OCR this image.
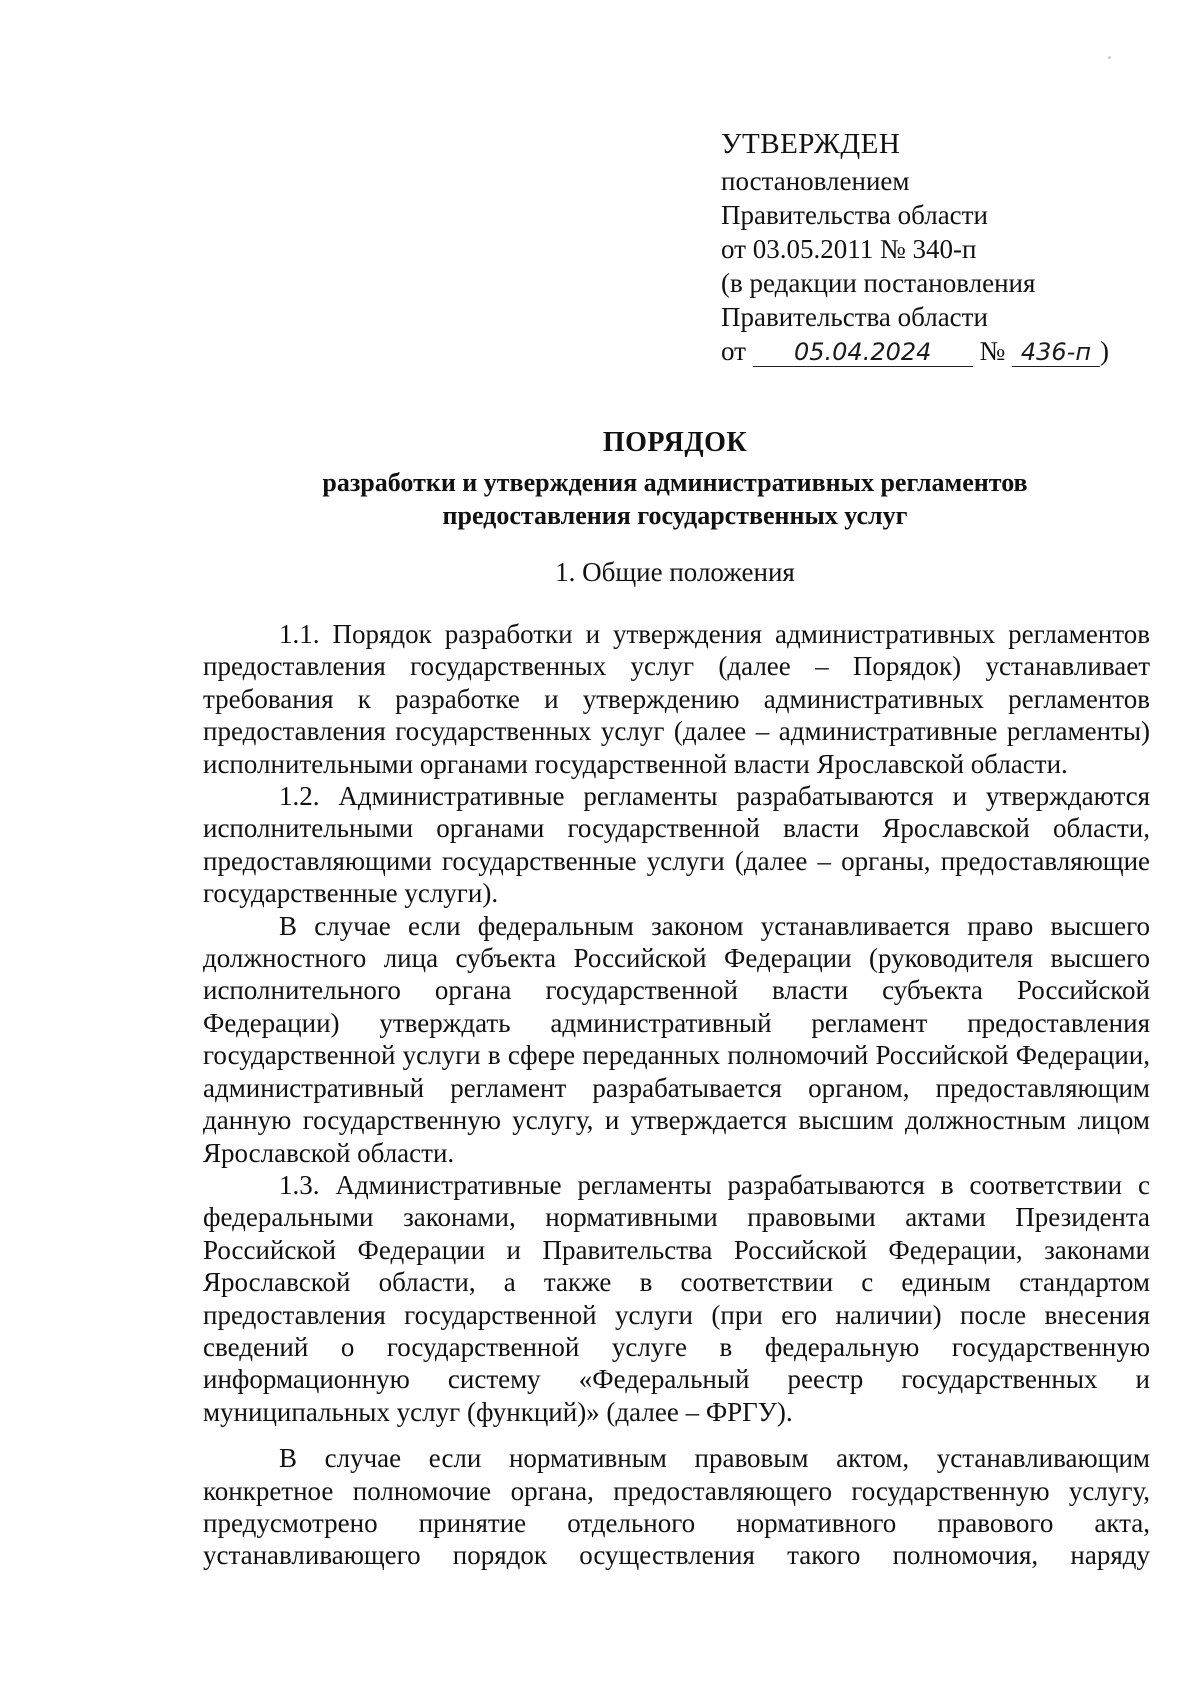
УТВЕРЖДЕН
постановлением
Правительства области
от 03.05.2011 № 340-п
(в редакции постановления
Правительства области
от 05.04.2024 № 436-п )
ПОРЯДОК
разработки и утверждения административных регламентов
предоставления государственных услуг
1. Общие положения

1.1. Порядок разработки и утверждения административных регламентов предоставления государственных услуг (далее – Порядок) устанавливает требования к разработке и утверждению административных регламентов предоставления государственных услуг (далее – административные регламенты) исполнительными органами государственной власти Ярославской области.

1.2. Административные регламенты разрабатываются и утверждаются исполнительными органами государственной власти Ярославской области, предоставляющими государственные услуги (далее – органы, предоставляющие государственные услуги).

В случае если федеральным законом устанавливается право высшего должностного лица субъекта Российской Федерации (руководителя высшего исполнительного органа государственной власти субъекта Российской Федерации) утверждать административный регламент предоставления государственной услуги в сфере переданных полномочий Российской Федерации, административный регламент разрабатывается органом, предоставляющим данную государственную услугу, и утверждается высшим должностным лицом Ярославской области.

1.3. Административные регламенты разрабатываются в соответствии с федеральными законами, нормативными правовыми актами Президента Российской Федерации и Правительства Российской Федерации, законами Ярославской области, а также в соответствии с единым стандартом предоставления государственной услуги (при его наличии) после внесения сведений о государственной услуге в федеральную государственную информационную систему «Федеральный реестр государственных и муниципальных услуг (функций)» (далее – ФРГУ).

В случае если нормативным правовым актом, устанавливающим конкретное полномочие органа, предоставляющего государственную услугу, предусмотрено принятие отдельного нормативного правового акта, устанавливающего порядок осуществления такого полномочия, наряду
